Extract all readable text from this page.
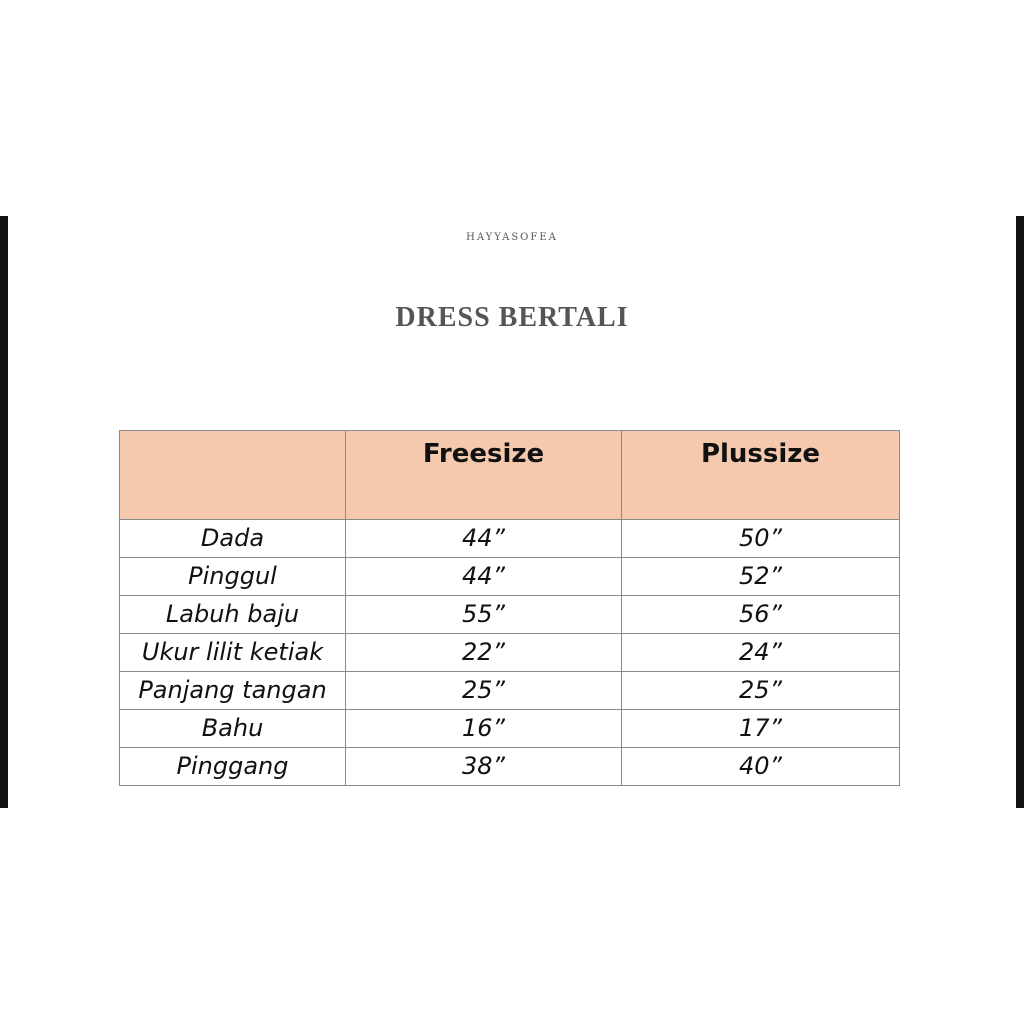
HAYYASOFEA
DRESS BERTALI
	Freesize	Plussize
Dada	44”	50”
Pinggul	44”	52”
Labuh baju	55”	56”
Ukur lilit ketiak	22”	24”
Panjang tangan	25”	25”
Bahu	16”	17”
Pinggang	38”	40”
